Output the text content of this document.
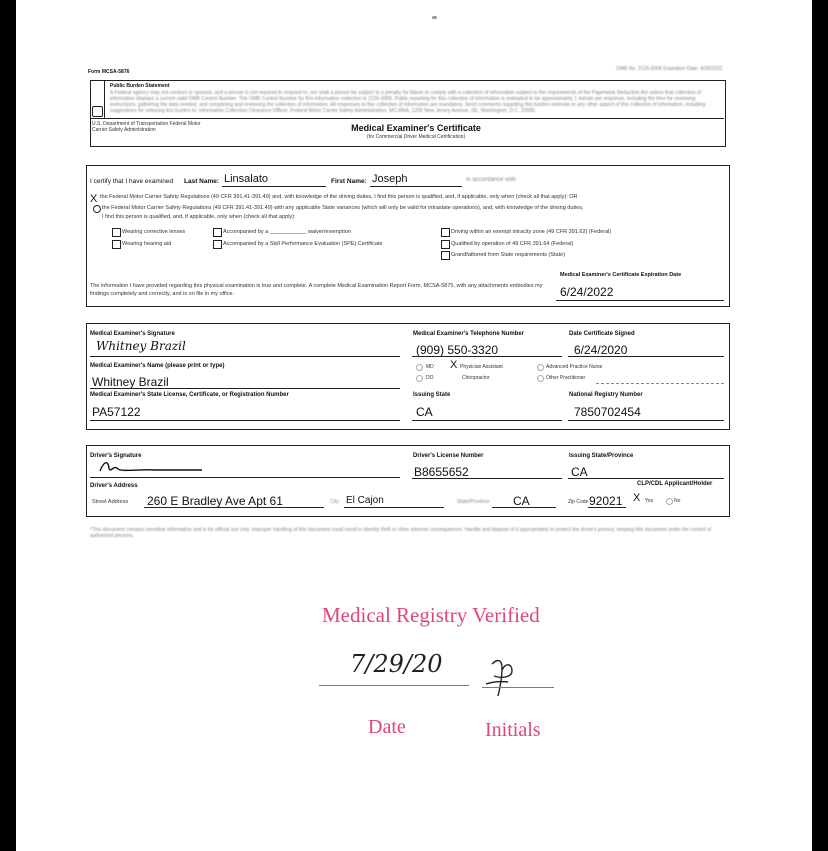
Form MCSA-5876	OMB No. 2126-0006 Expiration Date: 4/30/2022
Public Burden Statement
A Federal agency may not conduct or sponsor, and a person is not required to respond to, nor shall a person be subject to a penalty for failure to comply with a collection of information subject to the requirements of the Paperwork Reduction Act unless that collection of information displays a current valid OMB Control Number. The OMB Control Number for this information collection is 2126-0006. Public reporting for this collection of information is estimated to be approximately 1 minute per response, including the time for reviewing instructions, gathering the data needed, and completing and reviewing the collection of information. All responses to this collection of information are mandatory. Send comments regarding this burden estimate or any other aspect of this collection of information, including suggestions for reducing this burden to: Information Collection Clearance Officer, Federal Motor Carrier Safety Administration, MC-RRA, 1200 New Jersey Avenue, SE, Washington, D.C. 20590.
U.S. Department of Transportation Federal Motor Carrier Safety Administration	Medical Examiner's Certificate
(for Commercial Driver Medical Certification)
I certify that I have examined Last Name: Linsalato	First Name: Joseph	in accordance with
X the Federal Motor Carrier Safety Regulations (49 CFR 391.41-391.49) and, with knowledge of the driving duties, I find this person is qualified, and, if applicable, only when (check all that apply): OR
the Federal Motor Carrier Safety Regulations (49 CFR 391.41-391.49) with any applicable State variances (which will only be valid for intrastate operations), and, with knowledge of the driving duties,
I find this person is qualified, and, if applicable, only when (check all that apply):
Wearing corrective lenses
Wearing hearing aid
Accompanied by a ____________ waiver/exemption
Accompanied by a Skill Performance Evaluation (SPE) Certificate
Driving within an exempt intracity zone (49 CFR 391.62) (Federal)
Qualified by operation of 49 CFR 391.64 (Federal)
Grandfathered from State requirements (State)
Medical Examiner's Certificate Expiration Date
The information I have provided regarding this physical examination is true and complete. A complete Medical Examination Report Form, MCSA-5875, with any attachments embodies my findings completely and correctly, and is on file in my office.	6/24/2022
Medical Examiner's Signature
Whitney Brazil
Medical Examiner's Telephone Number
(909) 550-3320
Date Certificate Signed
6/24/2020
Medical Examiner's Name (please print or type)
Whitney Brazil
MD X Physician Assistant	Advanced Practice Nurse
DO	Chiropractor	Other Practitioner
Medical Examiner's State License, Certificate, or Registration Number
PA57122
Issuing State
CA
National Registry Number
7850702454
Driver's Signature	Driver's License Number
B8655652
Issuing State/Province
CA
Driver's Address	CLP/CDL Applicant/Holder
Street Address 260 E Bradley Ave Apt 61	City El Cajon	State/Province CA	Zip Code 92021 X Yes	No
*This document contains sensitive information and is for official use only. Improper handling of this document could result in identity theft or other adverse consequences. Handle and dispose of it appropriately to protect the driver's privacy; keeping this document under the control of authorized persons.
Medical Registry Verified
7/29/20
Date	Initials
